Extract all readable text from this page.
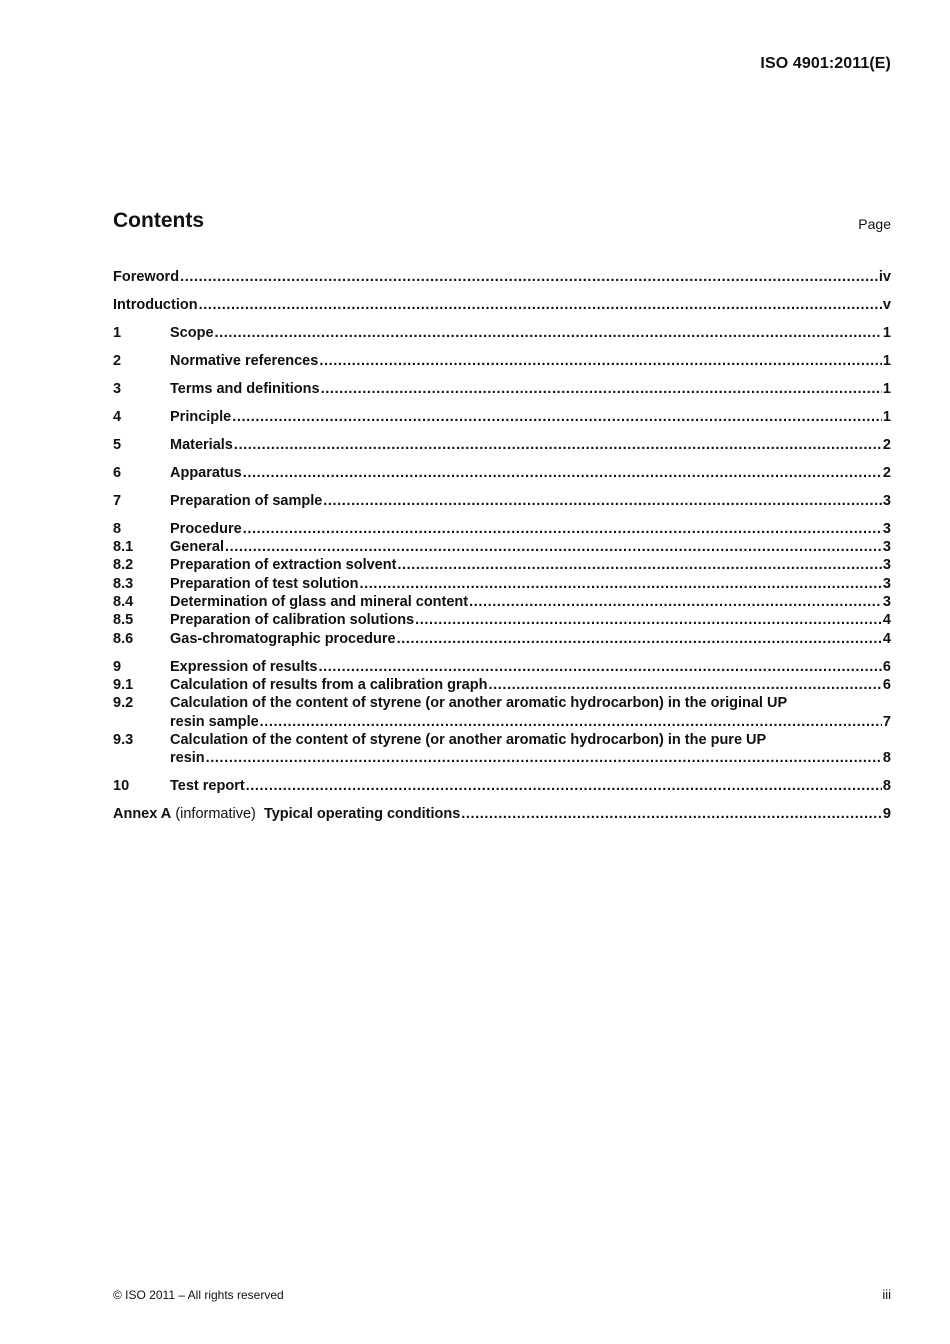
ISO 4901:2011(E)
Contents	Page
Foreword .....	iv
Introduction .....	v
1	Scope .....	1
2	Normative references .....	1
3	Terms and definitions .....	1
4	Principle .....	1
5	Materials .....	2
6	Apparatus .....	2
7	Preparation of sample .....	3
8	Procedure .....	3
8.1	General .....	3
8.2	Preparation of extraction solvent .....	3
8.3	Preparation of test solution .....	3
8.4	Determination of glass and mineral content .....	3
8.5	Preparation of calibration solutions .....	4
8.6	Gas-chromatographic procedure .....	4
9	Expression of results .....	6
9.1	Calculation of results from a calibration graph .....	6
9.2	Calculation of the content of styrene (or another aromatic hydrocarbon) in the original UP
resin sample .....	7
9.3	Calculation of the content of styrene (or another aromatic hydrocarbon) in the pure UP
resin .....	8
10	Test report .....	8
Annex A (informative) Typical operating conditions .....	9
© ISO 2011 – All rights reserved	iii
